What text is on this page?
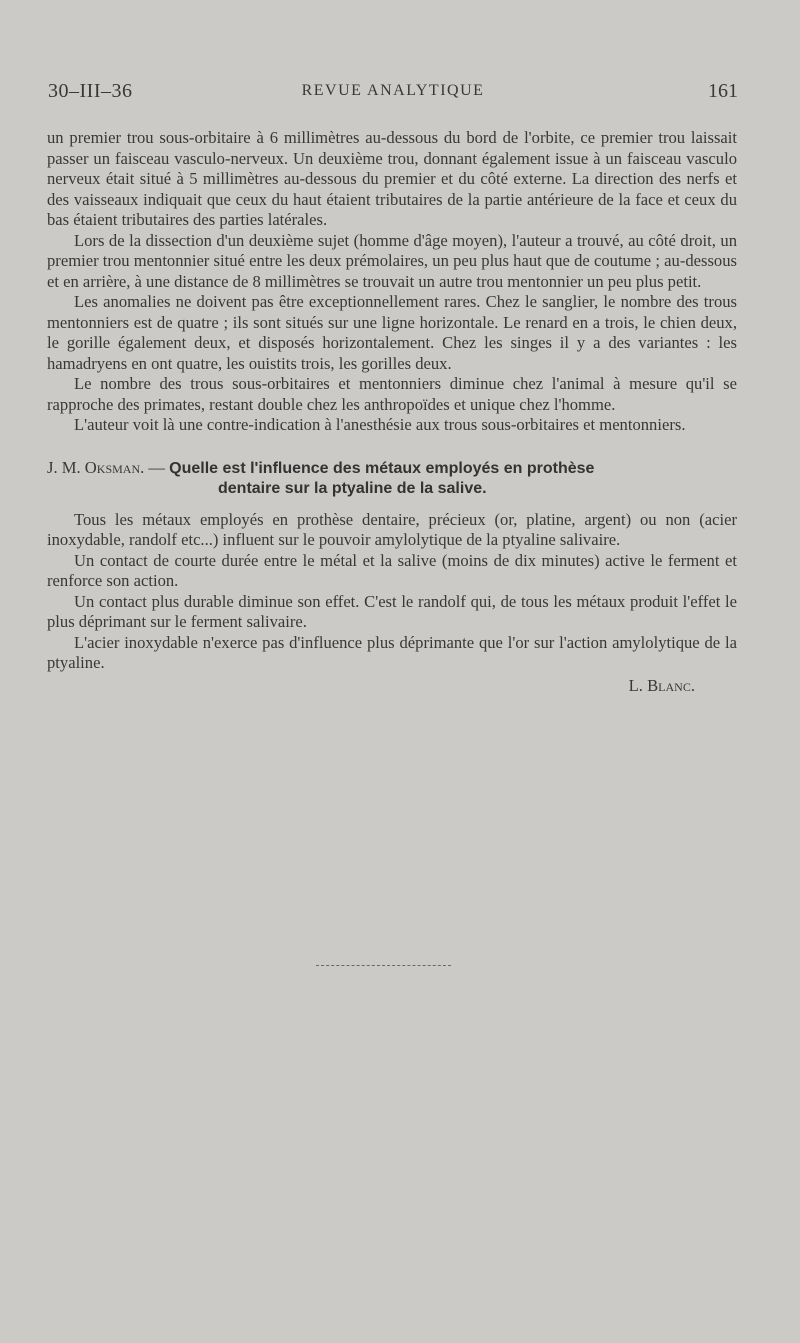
30–III–36	REVUE ANALYTIQUE	161

un premier trou sous-orbitaire à 6 millimètres au-dessous du bord de l'orbite, ce premier trou laissait passer un faisceau vasculo-nerveux. Un deuxième trou, donnant également issue à un faisceau vasculo nerveux était situé à 5 millimètres au-dessous du premier et du côté externe. La direction des nerfs et des vaisseaux indiquait que ceux du haut étaient tributaires de la partie antérieure de la face et ceux du bas étaient tributaires des parties latérales.

Lors de la dissection d'un deuxième sujet (homme d'âge moyen), l'auteur a trouvé, au côté droit, un premier trou mentonnier situé entre les deux prémolaires, un peu plus haut que de coutume ; au-dessous et en arrière, à une distance de 8 millimètres se trouvait un autre trou mentonnier un peu plus petit.

Les anomalies ne doivent pas être exceptionnellement rares. Chez le sanglier, le nombre des trous mentonniers est de quatre ; ils sont situés sur une ligne horizontale. Le renard en a trois, le chien deux, le gorille également deux, et disposés horizontalement. Chez les singes il y a des variantes : les hamadryens en ont quatre, les ouistits trois, les gorilles deux.

Le nombre des trous sous-orbitaires et mentonniers diminue chez l'animal à mesure qu'il se rapproche des primates, restant double chez les anthropoïdes et unique chez l'homme.

L'auteur voit là une contre-indication à l'anesthésie aux trous sous-orbitaires et mentonniers.

J. M. Oksman. — Quelle est l'influence des métaux employés en prothèse
dentaire sur la ptyaline de la salive.

Tous les métaux employés en prothèse dentaire, précieux (or, platine, argent) ou non (acier inoxydable, randolf etc...) influent sur le pouvoir amylolytique de la ptyaline salivaire.

Un contact de courte durée entre le métal et la salive (moins de dix minutes) active le ferment et renforce son action.

Un contact plus durable diminue son effet. C'est le randolf qui, de tous les métaux produit l'effet le plus déprimant sur le ferment salivaire.

L'acier inoxydable n'exerce pas d'influence plus déprimante que l'or sur l'action amylolytique de la ptyaline.

L. Blanc.
